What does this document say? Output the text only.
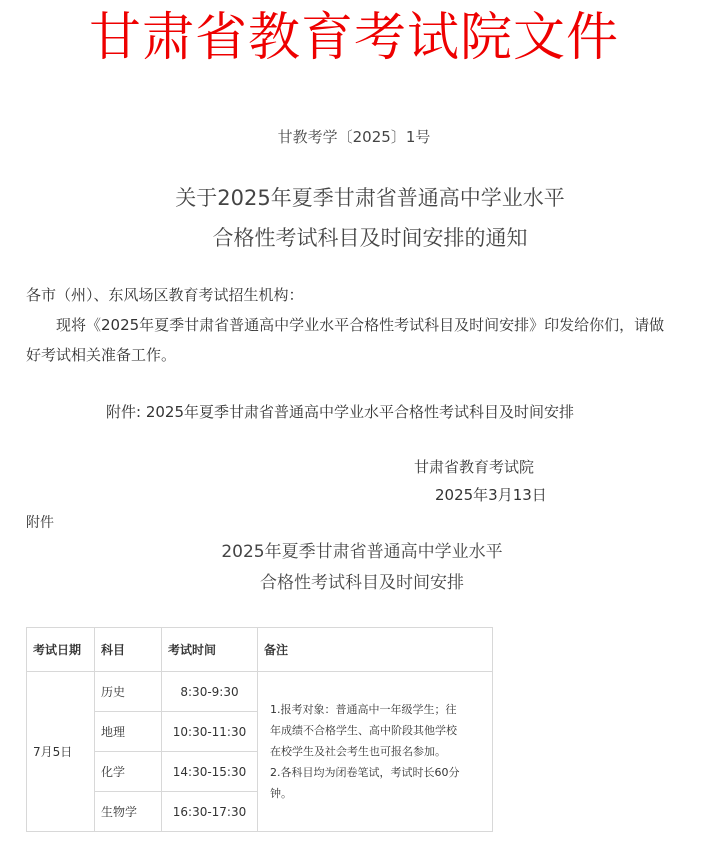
甘肃省教育考试院文件
甘教考学〔2025〕1号
关于2025年夏季甘肃省普通高中学业水平
合格性考试科目及时间安排的通知
各市（州）、东风场区教育考试招生机构：
现将《2025年夏季甘肃省普通高中学业水平合格性考试科目及时间安排》印发给你们，请做
好考试相关准备工作。
附件: 2025年夏季甘肃省普通高中学业水平合格性考试科目及时间安排
甘肃省教育考试院
2025年3月13日
附件
2025年夏季甘肃省普通高中学业水平
合格性考试科目及时间安排
考试日期	科目	考试时间	备注
7月5日	历史	8:30-9:30	1.报考对象：普通高中一年级学生；往
年成绩不合格学生、高中阶段其他学校
在校学生及社会考生也可报名参加。
2.各科目均为闭卷笔试，考试时长60分
钟。

	地理	10:30-11:30	
	化学	14:30-15:30	
	生物学	16:30-17:30	
